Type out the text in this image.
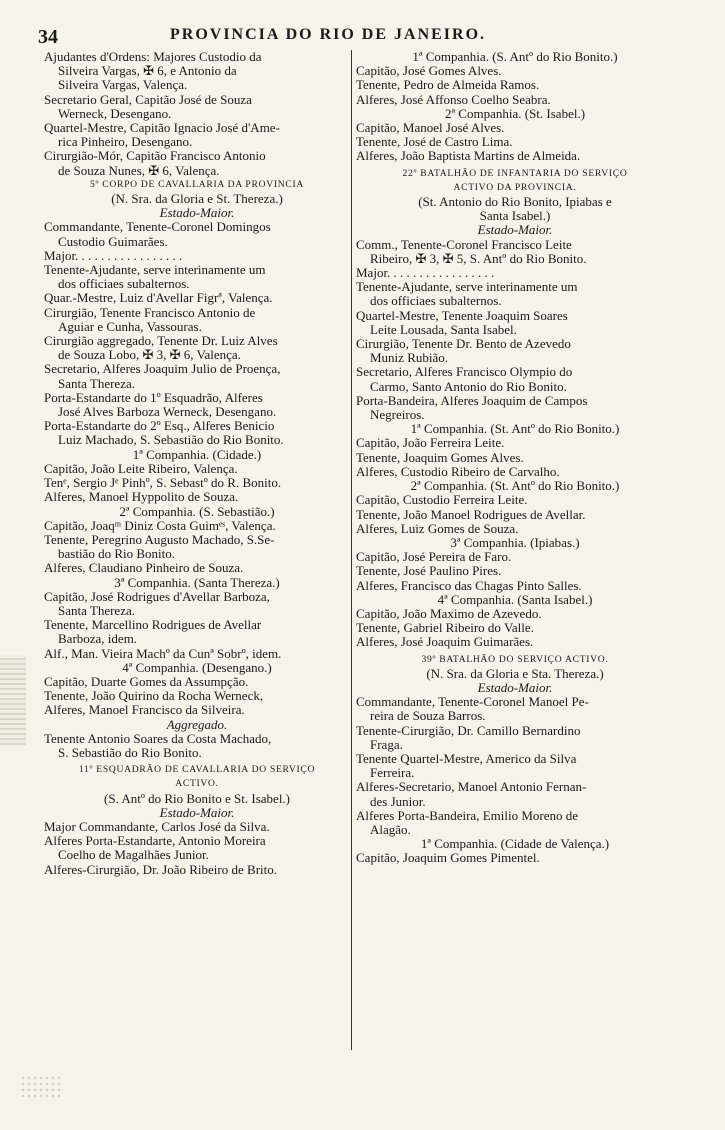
34	PROVINCIA DO RIO DE JANEIRO.
Ajudantes d'Ordens: Majores Custodio da
Silveira Vargas, ✠ 6, e Antonio da
Silveira Vargas, Valença.
Secretario Geral, Capitão José de Souza
Werneck, Desengano.
Quartel-Mestre, Capitão Ignacio José d'Ame-
rica Pinheiro, Desengano.
Cirurgião-Mór, Capitão Francisco Antonio
de Souza Nunes, ✠ 6, Valença.
5º CORPO DE CAVALLARIA DA PROVINCIA
(N. Sra. da Gloria e St. Thereza.)
Estado-Maior.
Commandante, Tenente-Coronel Domingos
Custodio Guimarães.
Major. . . . . . . . . . . . . . . . .
Tenente-Ajudante, serve interinamente um
dos officiaes subalternos.
Quar.-Mestre, Luiz d'Avellar Figrª, Valença.
Cirurgião, Tenente Francisco Antonio de
Aguiar e Cunha, Vassouras.
Cirurgião aggregado, Tenente Dr. Luiz Alves
de Souza Lobo, ✠ 3, ✠ 6, Valença.
Secretario, Alferes Joaquim Julio de Proença,
Santa Thereza.
Porta-Estandarte do 1º Esquadrão, Alferes
José Alves Barboza Werneck, Desengano.
Porta-Estandarte do 2º Esq., Alferes Benicio
Luiz Machado, S. Sebastião do Rio Bonito.
1ª Companhia. (Cidade.)
Capitão, João Leite Ribeiro, Valença.
Tenᵉ, Sergio Jᵉ Pinhº, S. Sebastº do R. Bonito.
Alferes, Manoel Hyppolito de Souza.
2ª Companhia. (S. Sebastião.)
Capitão, Joaqᵐ Diniz Costa Guimᵉˢ, Valença.
Tenente, Peregrino Augusto Machado, S.Se-
bastião do Rio Bonito.
Alferes, Claudiano Pinheiro de Souza.
3ª Companhia. (Santa Thereza.)
Capitão, José Rodrigues d'Avellar Barboza,
Santa Thereza.
Tenente, Marcellino Rodrigues de Avellar
Barboza, idem.
Alf., Man. Vieira Machº da Cunª Sobrº, idem.
4ª Companhia. (Desengano.)
Capitão, Duarte Gomes da Assumpção.
Tenente, João Quirino da Rocha Werneck,
Alferes, Manoel Francisco da Silveira.
Aggregado.
Tenente Antonio Soares da Costa Machado,
S. Sebastião do Rio Bonito.
11º ESQUADRÃO DE CAVALLARIA DO SERVIÇO
ACTIVO.
(S. Antº do Rio Bonito e St. Isabel.)
Estado-Maior.
Major Commandante, Carlos José da Silva.
Alferes Porta-Estandarte, Antonio Moreira
Coelho de Magalhães Junior.
Alferes-Cirurgião, Dr. João Ribeiro de Brito.
1ª Companhia. (S. Antº do Rio Bonito.)
Capitão, José Gomes Alves.
Tenente, Pedro de Almeida Ramos.
Alferes, José Affonso Coelho Seabra.
2ª Companhia. (St. Isabel.)
Capitão, Manoel José Alves.
Tenente, José de Castro Lima.
Alferes, João Baptista Martins de Almeida.
22º BATALHÃO DE INFANTARIA DO SERVIÇO
ACTIVO DA PROVINCIA.
(St. Antonio do Rio Bonito, Ipiabas e
Santa Isabel.)
Estado-Maior.
Comm., Tenente-Coronel Francisco Leite
Ribeiro, ✠ 3, ✠ 5, S. Antº do Rio Bonito.
Major. . . . . . . . . . . . . . . . .
Tenente-Ajudante, serve interinamente um
dos officiaes subalternos.
Quartel-Mestre, Tenente Joaquim Soares
Leite Lousada, Santa Isabel.
Cirurgião, Tenente Dr. Bento de Azevedo
Muniz Rubião.
Secretario, Alferes Francisco Olympio do
Carmo, Santo Antonio do Rio Bonito.
Porta-Bandeira, Alferes Joaquim de Campos
Negreiros.
1ª Companhia. (St. Antº do Rio Bonito.)
Capitão, João Ferreira Leite.
Tenente, Joaquim Gomes Alves.
Alferes, Custodio Ribeiro de Carvalho.
2ª Companhia. (St. Antº do Rio Bonito.)
Capitão, Custodio Ferreira Leite.
Tenente, João Manoel Rodrigues de Avellar.
Alferes, Luiz Gomes de Souza.
3ª Companhia. (Ipiabas.)
Capitão, José Pereira de Faro.
Tenente, José Paulino Pires.
Alferes, Francisco das Chagas Pinto Salles.
4ª Companhia. (Santa Isabel.)
Capitão, João Maximo de Azevedo.
Tenente, Gabriel Ribeiro do Valle.
Alferes, José Joaquim Guimarães.
39º BATALHÃO DO SERVIÇO ACTIVO.
(N. Sra. da Gloria e Sta. Thereza.)
Estado-Maior.
Commandante, Tenente-Coronel Manoel Pe-
reira de Souza Barros.
Tenente-Cirurgião, Dr. Camillo Bernardino
Fraga.
Tenente Quartel-Mestre, Americo da Silva
Ferreira.
Alferes-Secretario, Manoel Antonio Fernan-
des Junior.
Alferes Porta-Bandeira, Emilio Moreno de
Alagão.
1ª Companhia. (Cidade de Valença.)
Capitão, Joaquim Gomes Pimentel.
